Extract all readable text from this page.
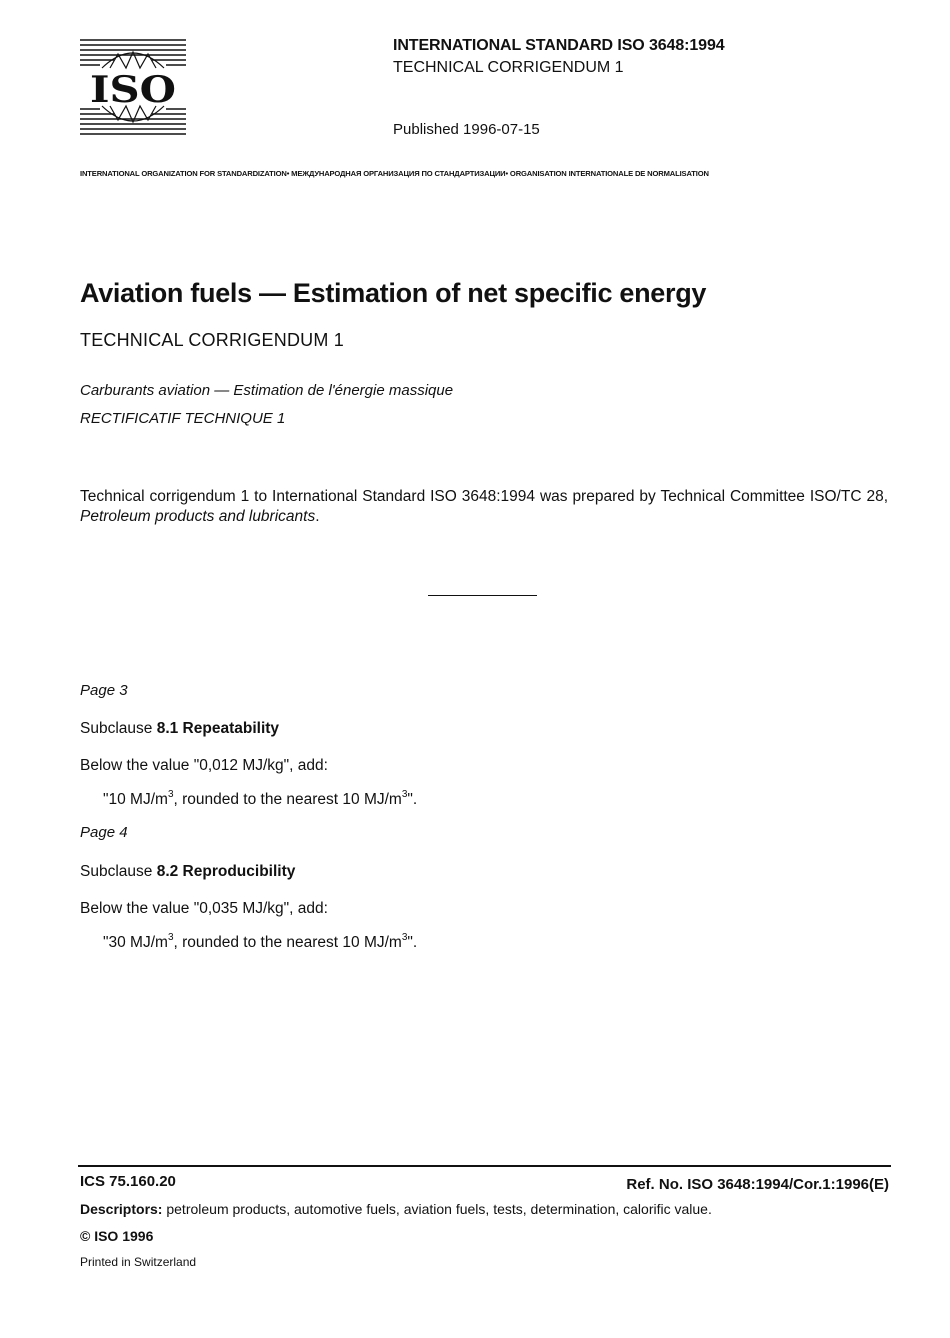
ISO
INTERNATIONAL STANDARD ISO 3648:1994
TECHNICAL CORRIGENDUM 1
Published 1996-07-15
INTERNATIONAL ORGANIZATION FOR STANDARDIZATION• МЕЖДУНАРОДНАЯ ОРГАНИЗАЦИЯ ПО СТАНДАРТИЗАЦИИ• ORGANISATION INTERNATIONALE DE NORMALISATION
Aviation fuels — Estimation of net specific energy
TECHNICAL CORRIGENDUM 1
Carburants aviation — Estimation de l'énergie massique
RECTIFICATIF TECHNIQUE 1
Technical corrigendum 1 to International Standard ISO 3648:1994 was prepared by Technical Committee ISO/TC 28, Petroleum products and lubricants.
Page 3
Subclause 8.1 Repeatability
Below the value "0,012 MJ/kg", add:
"10 $MJ/m^3$, rounded to the nearest 10 $MJ/m^3$".
Page 4
Subclause 8.2 Reproducibility
Below the value "0,035 MJ/kg", add:
"30 $MJ/m^3$, rounded to the nearest 10 $MJ/m^3$".
ICS 75.160.20	Ref. No. ISO 3648:1994/Cor.1:1996(E)
Descriptors: petroleum products, automotive fuels, aviation fuels, tests, determination, calorific value.
© ISO 1996
Printed in Switzerland
